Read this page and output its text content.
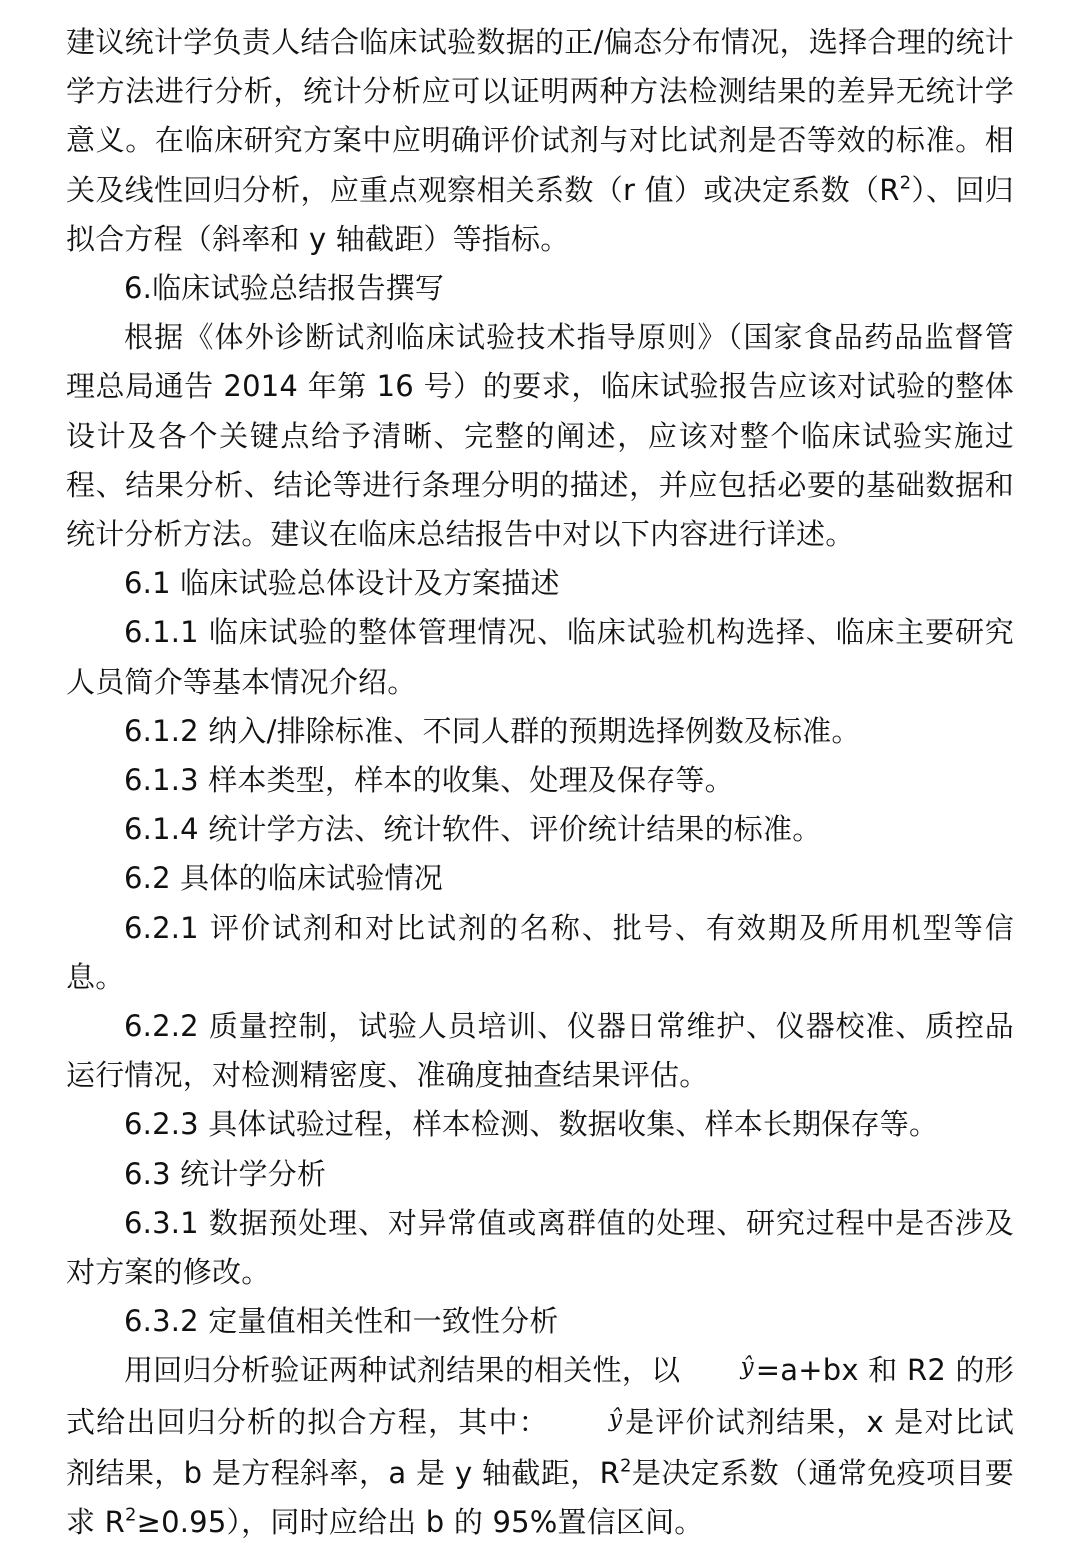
建议统计学负责人结合临床试验数据的正/偏态分布情况，选择合理的统计学方法进行分析，统计分析应可以证明两种方法检测结果的差异无统计学意义。在临床研究方案中应明确评价试剂与对比试剂是否等效的标准。相关及线性回归分析，应重点观察相关系数（r 值）或决定系数$(R^2)$、回归拟合方程（斜率和 y 轴截距）等指标。

6.临床试验总结报告撰写

根据《体外诊断试剂临床试验技术指导原则》（国家食品药品监督管理总局通告 2014 年第 16 号）的要求，临床试验报告应该对试验的整体设计及各个关键点给予清晰、完整的阐述，应该对整个临床试验实施过程、结果分析、结论等进行条理分明的描述，并应包括必要的基础数据和统计分析方法。建议在临床总结报告中对以下内容进行详述。

6.1 临床试验总体设计及方案描述

6.1.1 临床试验的整体管理情况、临床试验机构选择、临床主要研究人员简介等基本情况介绍。

6.1.2 纳入/排除标准、不同人群的预期选择例数及标准。

6.1.3 样本类型，样本的收集、处理及保存等。

6.1.4 统计学方法、统计软件、评价统计结果的标准。

6.2 具体的临床试验情况

6.2.1 评价试剂和对比试剂的名称、批号、有效期及所用机型等信息。

6.2.2 质量控制，试验人员培训、仪器日常维护、仪器校准、质控品运行情况，对检测精密度、准确度抽查结果评估。

6.2.3 具体试验过程，样本检测、数据收集、样本长期保存等。

6.3 统计学分析

6.3.1 数据预处理、对异常值或离群值的处理、研究过程中是否涉及对方案的修改。

6.3.2 定量值相关性和一致性分析

用回归分析验证两种试剂结果的相关性，以	ŷ=a+bx 和 R2 的形式给出回归分析的拟合方程，其中：	ŷ是评价试剂结果，x 是对比试剂结果，b 是方程斜率，a 是 y 轴截距，$R^2$是决定系数（通常免疫项目要求 $R^2\ge 0.95$），同时应给出 b 的 95%置信区间。
